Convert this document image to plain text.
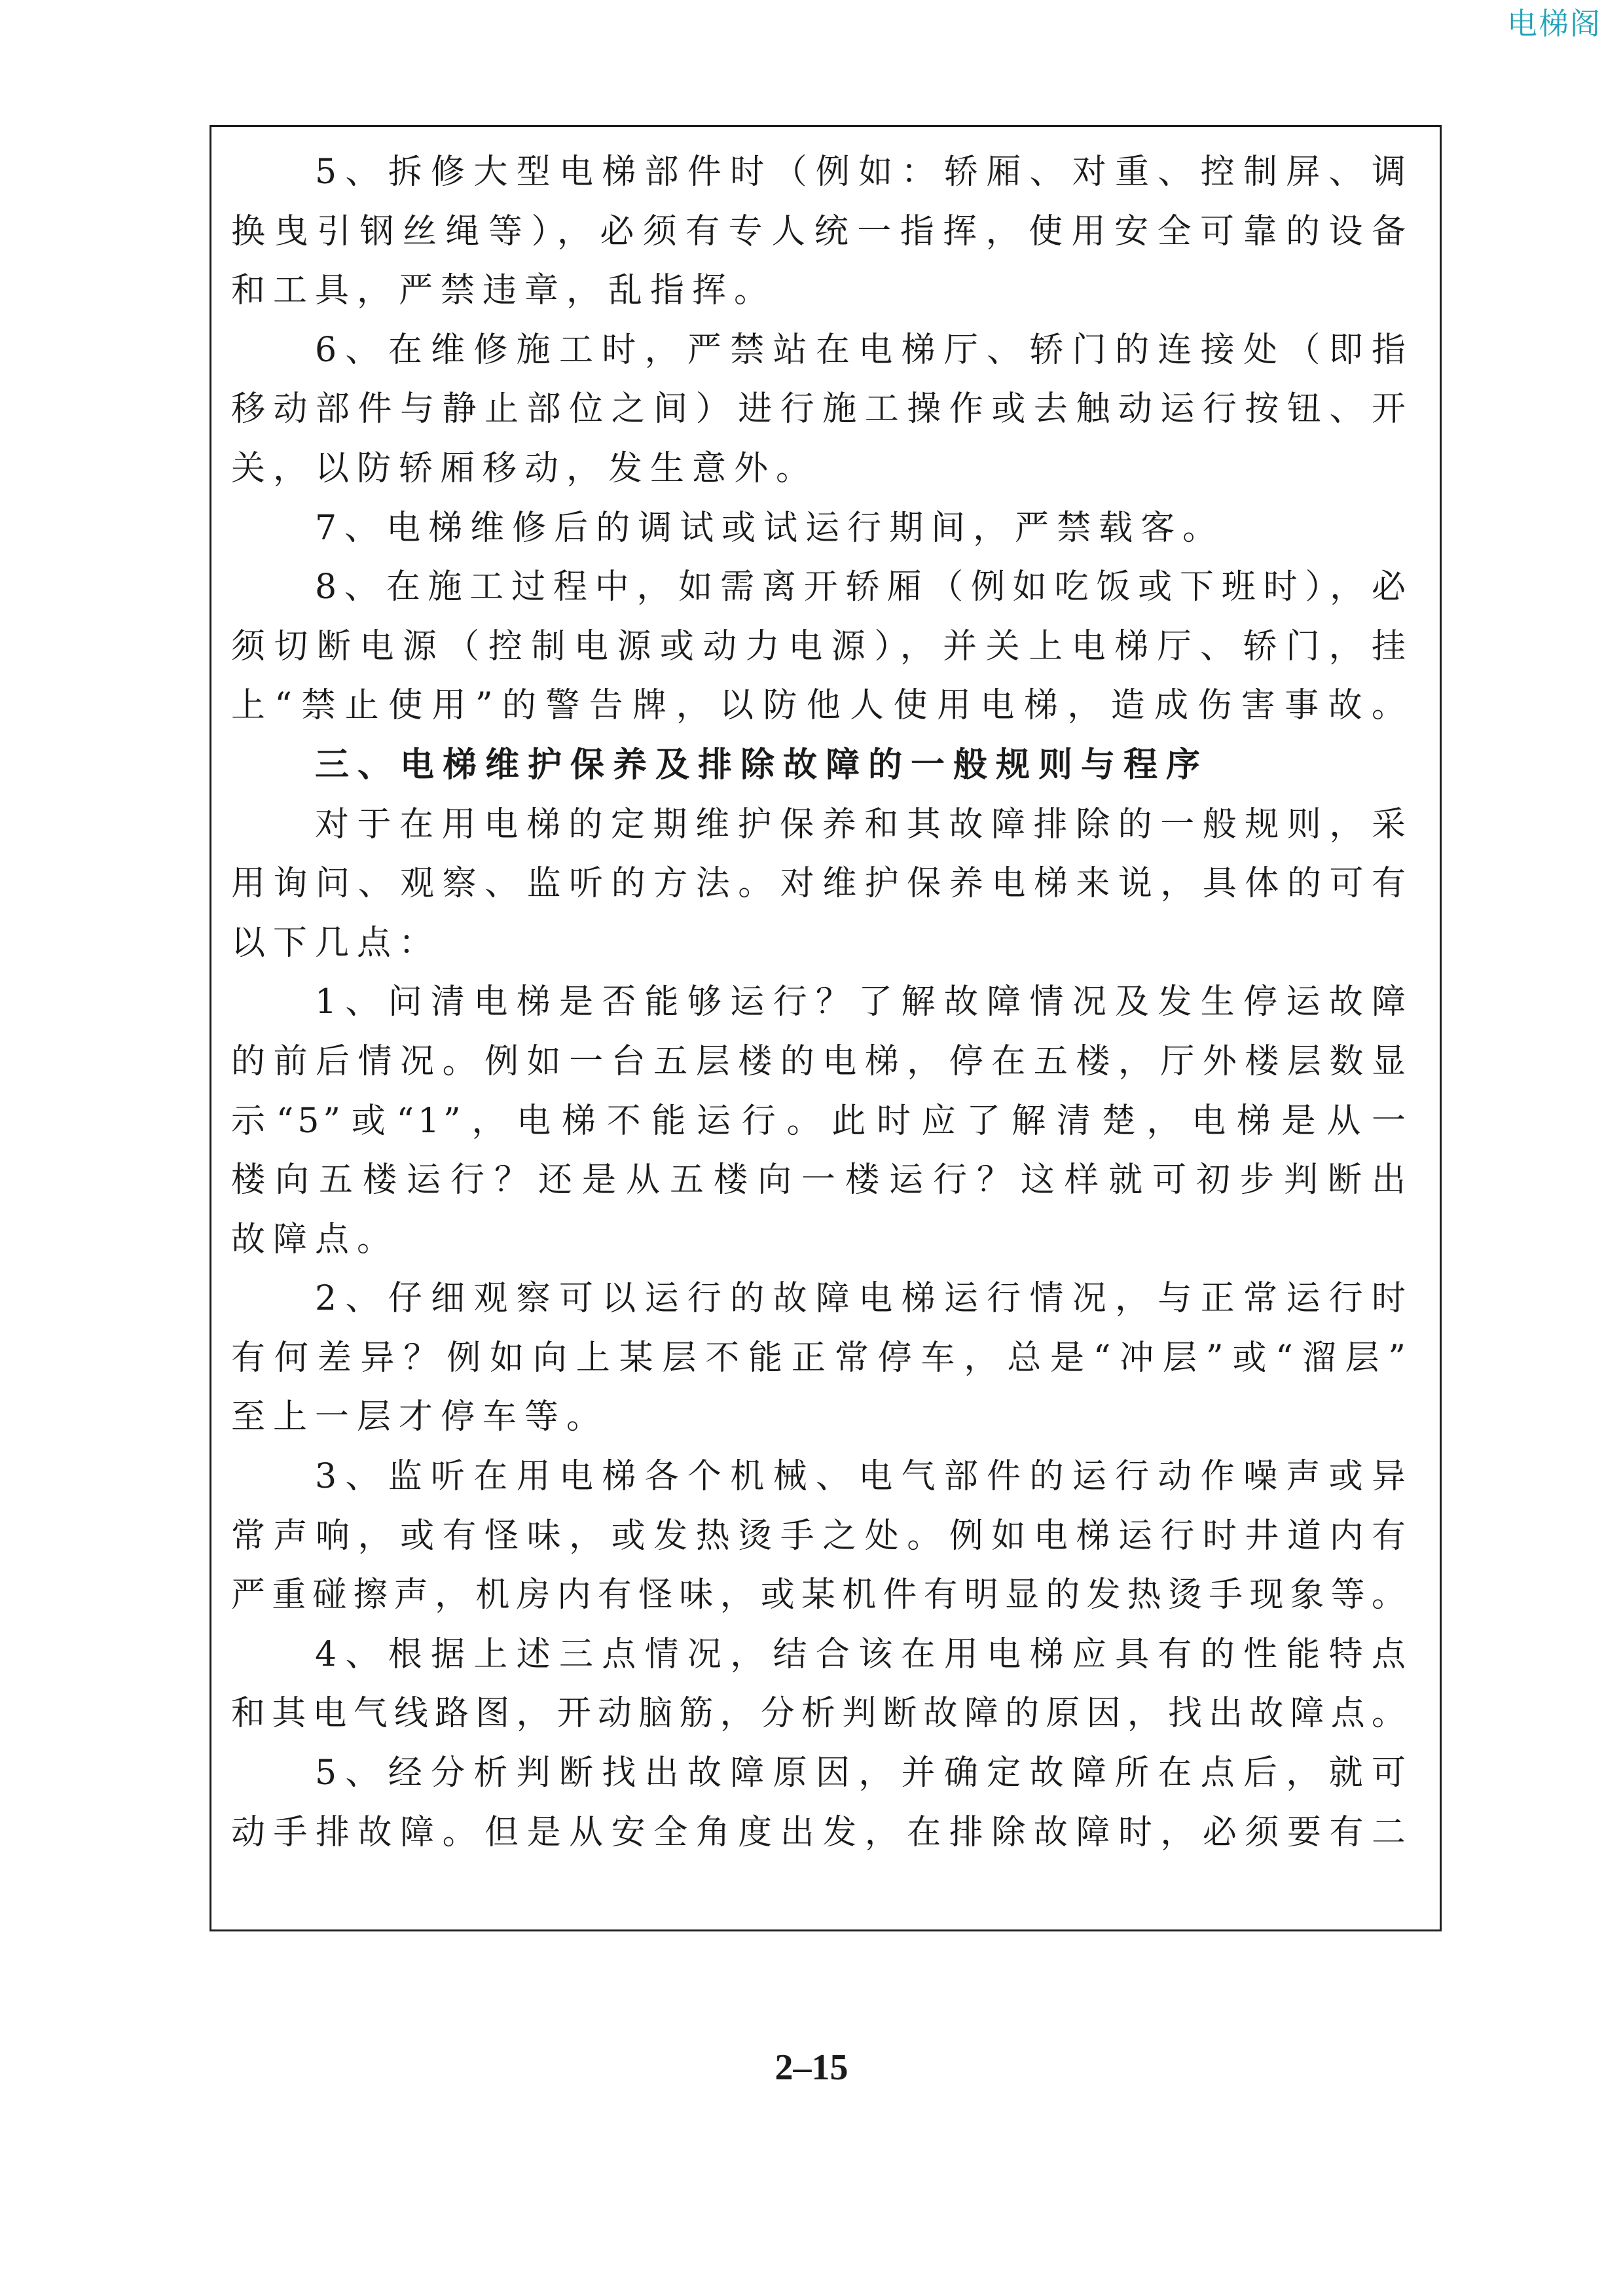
电梯阁
5、拆修大型电梯部件时（例如：轿厢、对重、控制屏、调
换曳引钢丝绳等），必须有专人统一指挥，使用安全可靠的设备
和工具，严禁违章，乱指挥。
6、在维修施工时，严禁站在电梯厅、轿门的连接处（即指
移动部件与静止部位之间）进行施工操作或去触动运行按钮、开
关，以防轿厢移动，发生意外。
7、电梯维修后的调试或试运行期间，严禁载客。
8、在施工过程中，如需离开轿厢（例如吃饭或下班时），必
须切断电源（控制电源或动力电源），并关上电梯厅、轿门，挂
上“禁止使用”的警告牌，以防他人使用电梯，造成伤害事故。
三、电梯维护保养及排除故障的一般规则与程序
对于在用电梯的定期维护保养和其故障排除的一般规则，采
用询问、观察、监听的方法。对维护保养电梯来说，具体的可有
以下几点：
1、问清电梯是否能够运行？了解故障情况及发生停运故障
的前后情况。例如一台五层楼的电梯，停在五楼，厅外楼层数显
示“5”或“1”，电梯不能运行。此时应了解清楚，电梯是从一
楼向五楼运行？还是从五楼向一楼运行？这样就可初步判断出
故障点。
2、仔细观察可以运行的故障电梯运行情况，与正常运行时
有何差异？例如向上某层不能正常停车，总是“冲层”或“溜层”
至上一层才停车等。
3、监听在用电梯各个机械、电气部件的运行动作噪声或异
常声响，或有怪味，或发热烫手之处。例如电梯运行时井道内有
严重碰擦声，机房内有怪味，或某机件有明显的发热烫手现象等。
4、根据上述三点情况，结合该在用电梯应具有的性能特点
和其电气线路图，开动脑筋，分析判断故障的原因，找出故障点。
5、经分析判断找出故障原因，并确定故障所在点后，就可
动手排故障。但是从安全角度出发，在排除故障时，必须要有二
2–15
